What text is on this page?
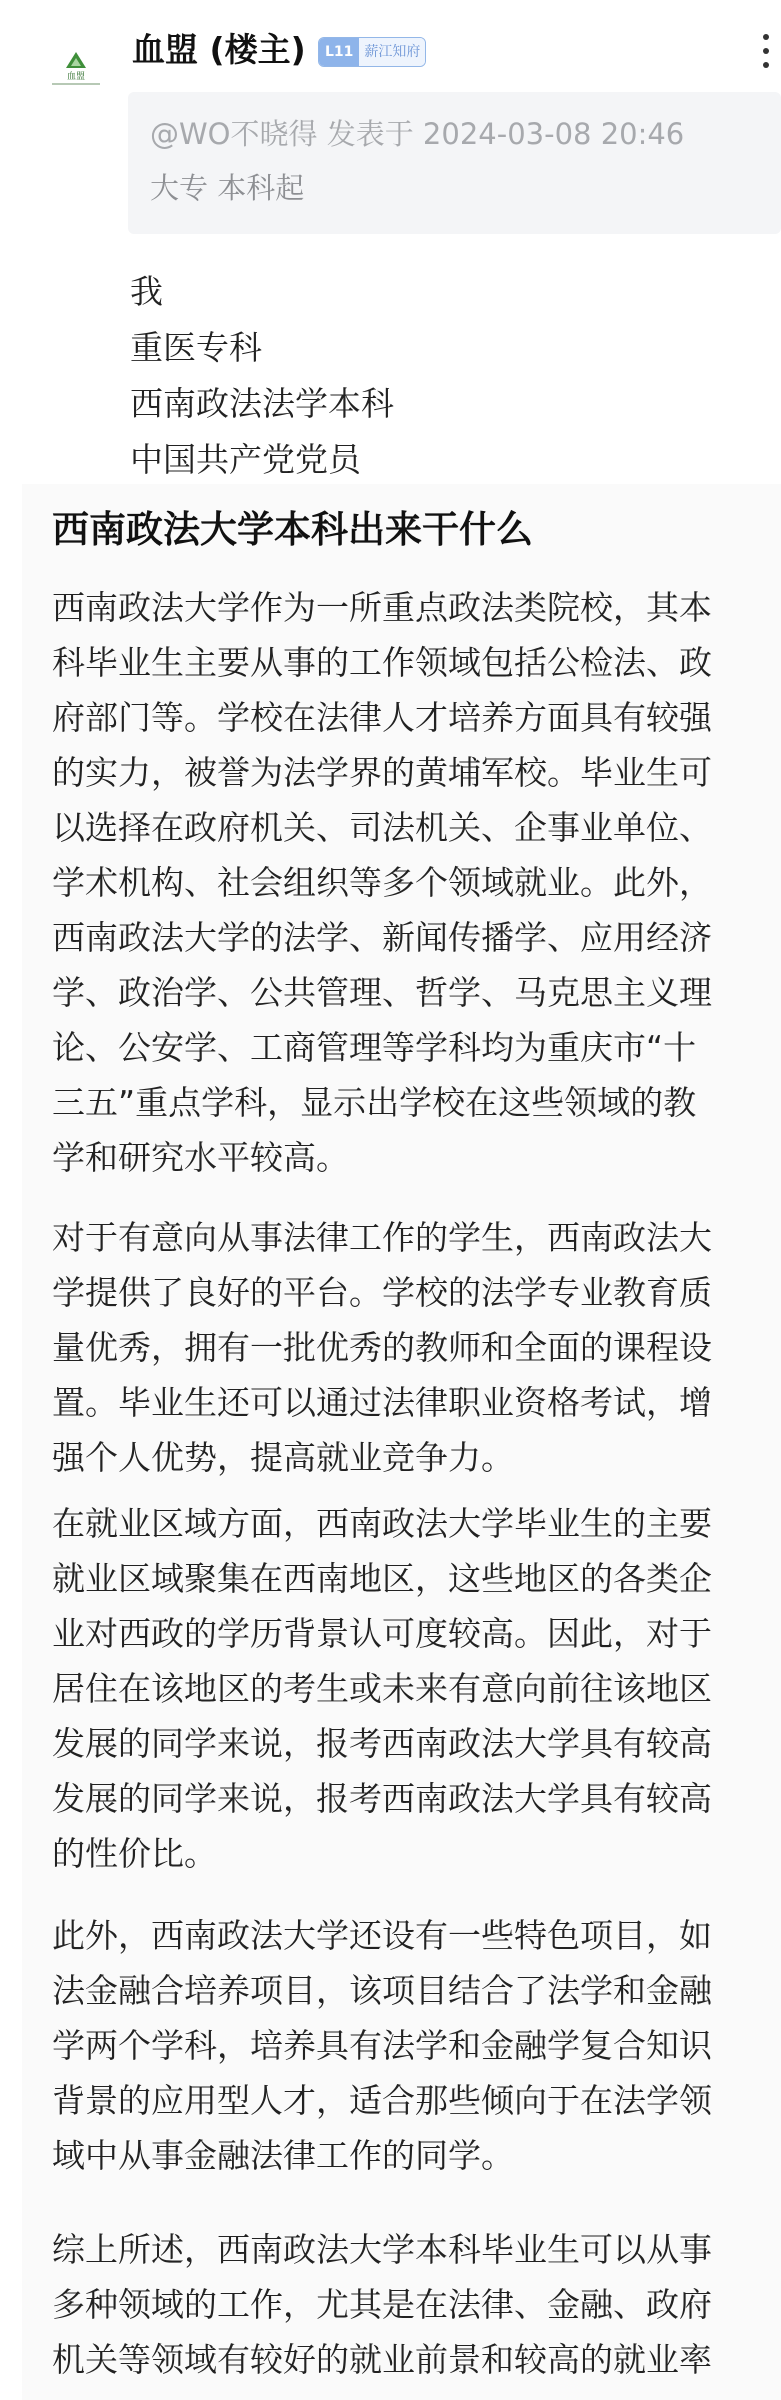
血盟
血盟 (楼主)	L11 薪江知府
@WO不晓得 发表于 2024-03-08 20:46
大专 本科起
我
重医专科
西南政法法学本科
中国共产党党员
西南政法大学本科出来干什么
西南政法大学作为一所重点政法类院校，其本
科毕业生主要从事的工作领域包括公检法、政
府部门等。学校在法律人才培养方面具有较强
的实力，被誉为法学界的黄埔军校。毕业生可
以选择在政府机关、司法机关、企事业单位、
学术机构、社会组织等多个领域就业。此外，
西南政法大学的法学、新闻传播学、应用经济
学、政治学、公共管理、哲学、马克思主义理
论、公安学、工商管理等学科均为重庆市“十
三五”重点学科，显示出学校在这些领域的教
学和研究水平较高。
对于有意向从事法律工作的学生，西南政法大
学提供了良好的平台。学校的法学专业教育质
量优秀，拥有一批优秀的教师和全面的课程设
置。毕业生还可以通过法律职业资格考试，增
强个人优势，提高就业竞争力。
在就业区域方面，西南政法大学毕业生的主要
就业区域聚集在西南地区，这些地区的各类企
业对西政的学历背景认可度较高。因此，对于
居住在该地区的考生或未来有意向前往该地区
发展的同学来说，报考西南政法大学具有较高
发展的同学来说，报考西南政法大学具有较高
的性价比。
此外，西南政法大学还设有一些特色项目，如
法金融合培养项目，该项目结合了法学和金融
学两个学科，培养具有法学和金融学复合知识
背景的应用型人才，适合那些倾向于在法学领
域中从事金融法律工作的同学。
综上所述，西南政法大学本科毕业生可以从事
多种领域的工作，尤其是在法律、金融、政府
机关等领域有较好的就业前景和较高的就业率
